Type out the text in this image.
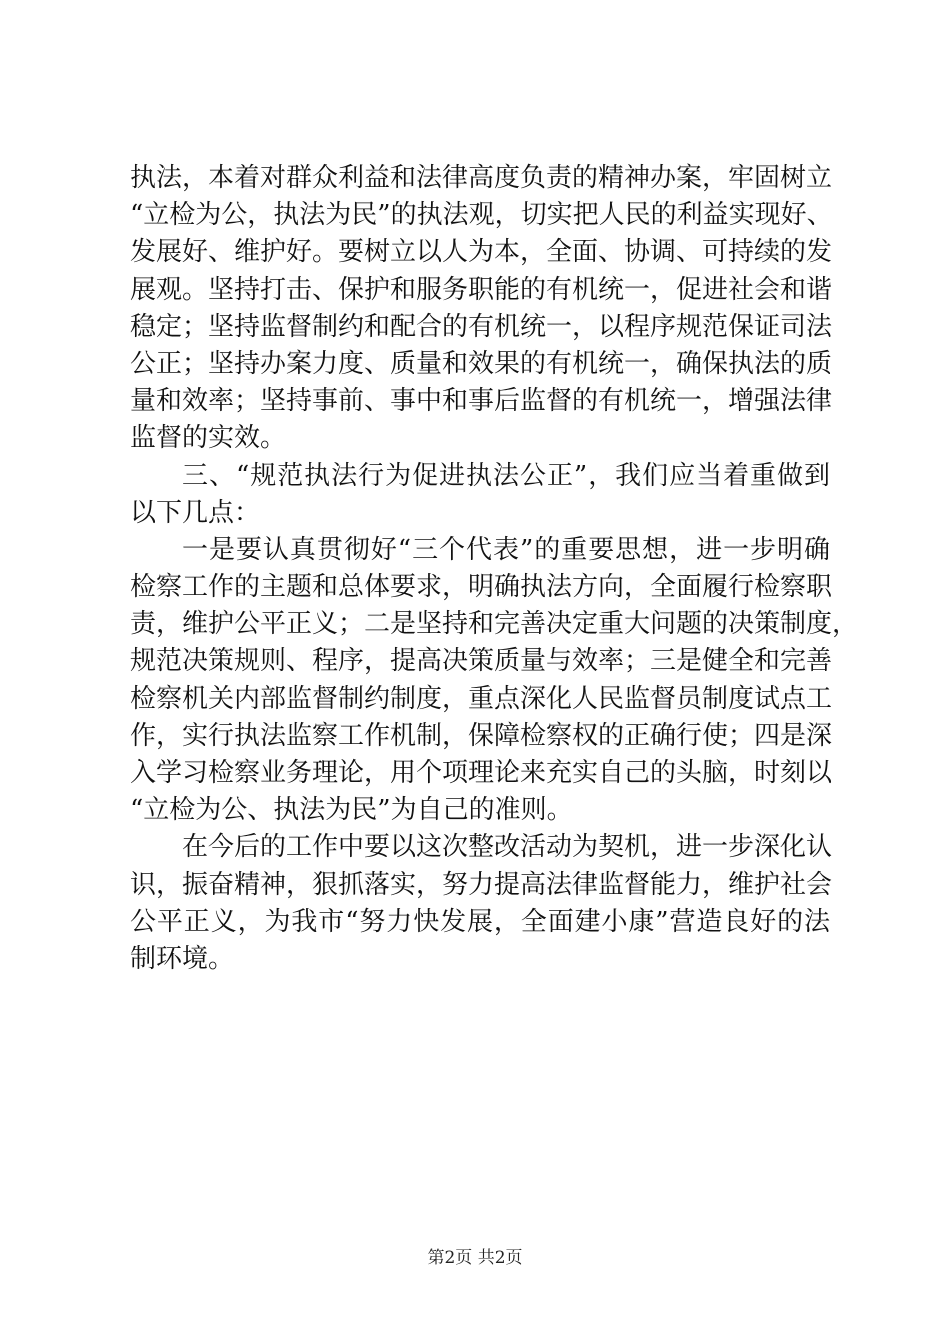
执法，本着对群众利益和法律高度负责的精神办案，牢固树立
“立检为公，执法为民”的执法观，切实把人民的利益实现好、
发展好、维护好。要树立以人为本，全面、协调、可持续的发
展观。坚持打击、保护和服务职能的有机统一，促进社会和谐
稳定；坚持监督制约和配合的有机统一，以程序规范保证司法
公正；坚持办案力度、质量和效果的有机统一，确保执法的质
量和效率；坚持事前、事中和事后监督的有机统一，增强法律
监督的实效。
三、“规范执法行为促进执法公正”，我们应当着重做到
以下几点：
一是要认真贯彻好“三个代表”的重要思想，进一步明确
检察工作的主题和总体要求，明确执法方向，全面履行检察职
责，维护公平正义；二是坚持和完善决定重大问题的决策制度，
规范决策规则、程序，提高决策质量与效率；三是健全和完善
检察机关内部监督制约制度，重点深化人民监督员制度试点工
作，实行执法监察工作机制，保障检察权的正确行使；四是深
入学习检察业务理论，用个项理论来充实自己的头脑，时刻以
“立检为公、执法为民”为自己的准则。
在今后的工作中要以这次整改活动为契机，进一步深化认
识，振奋精神，狠抓落实，努力提高法律监督能力，维护社会
公平正义，为我市“努力快发展，全面建小康”营造良好的法
制环境。
第2页 共2页
